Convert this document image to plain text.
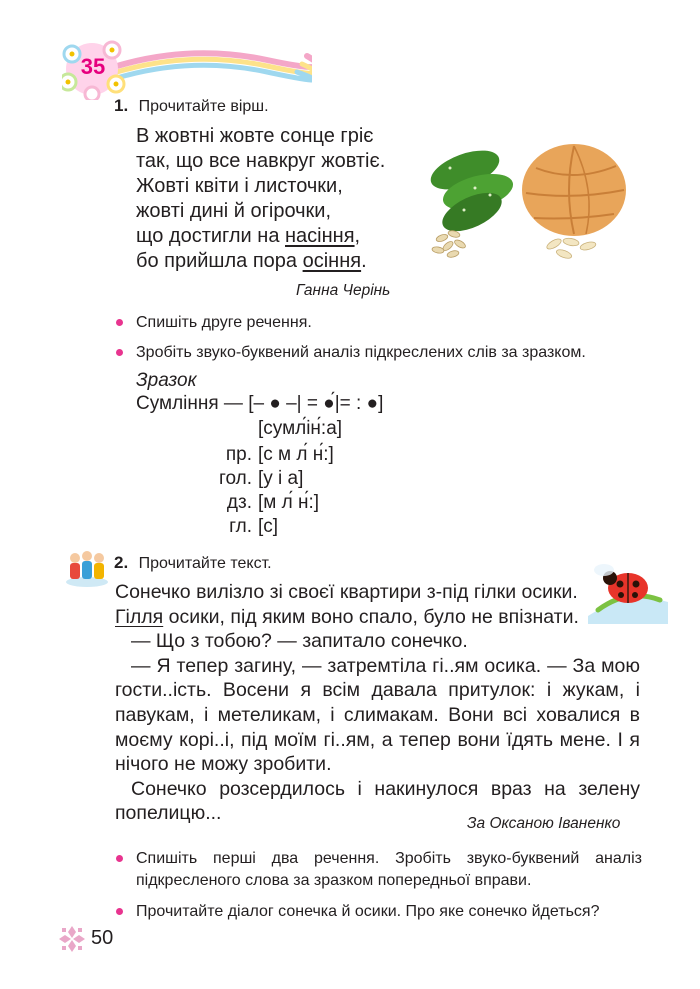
35
1. Прочитайте вірш.
В жовтні жовте сонце гріє
так, що все навкруг жовтіє.
Жовті квіти і листочки,
жовті дині й огірочки,
що достигли на насіння,
бо прийшла пора осіння.
Ганна Черінь
Спишіть друге речення.
Зробіть звуко-буквений аналіз підкреслених слів за зразком.
Зразок
Сумління — [– ● –| = ●́|= : ●]
[сумл́ін́:а]
пр. [с м л́ н́:]
гол. [у і а]
дз. [м л́ н́:]
гл. [с]
2. Прочитайте текст.

Сонечко вилізло зі своєї квартири з-під гілки осики.

Гілля осики, під яким воно спало, було не впізнати.

— Що з тобою? — запитало сонечко.

— Я тепер загину, — затремтіла гі..ям осика. — За мою гости..ість. Восени я всім давала притулок: і жукам, і павукам, і метеликам, і слимакам. Вони всі ховалися в моєму корі..і, під моїм гі..ям, а тепер вони їдять мене. І я нічого не можу зробити.

Сонечко розсердилось і накинулося враз на зелену попелицю...	За Оксаною Іваненко
Спишіть перші два речення. Зробіть звуко-буквений аналіз підкресленого слова за зразком попередньої вправи.
Прочитайте діалог сонечка й осики. Про яке сонечко йдеться?
50
